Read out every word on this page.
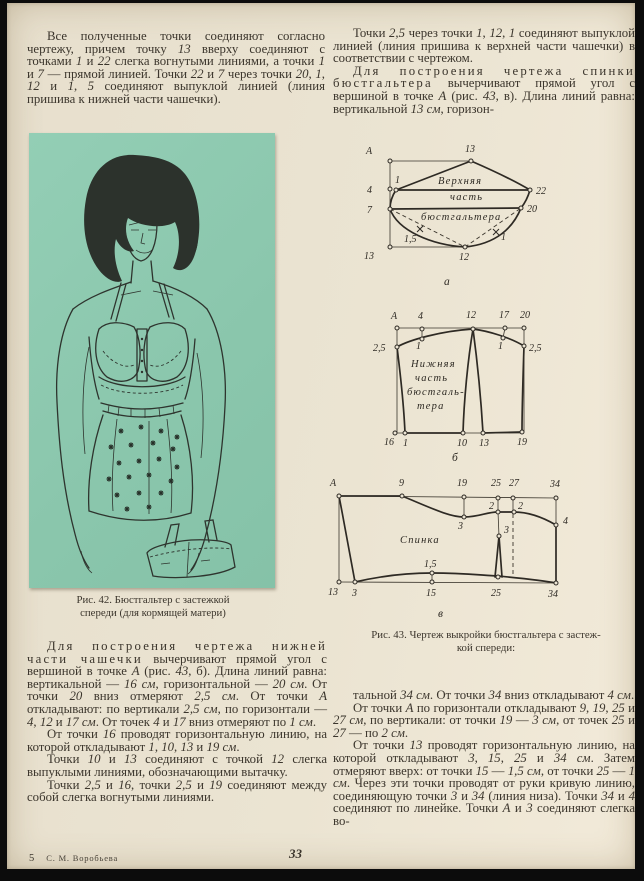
Все полученные точки соединяют согласно чертежу, причем точку 13 вверху соединяют с точками 1 и 22 слегка вогнутыми линиями, а точки 1 и 7 — прямой линией. Точки 22 и 7 через точки 20, 1, 12 и 1, 5 соединяют выпуклой линией (линия пришива к нижней части чашечки).

Рис. 42. Бюстгальтер с застежкой
спереди (для кормящей матери)

Для построения чертежа нижней части чашечки вычерчивают прямой угол с вершиной в точке А (рис. 43, б). Длина линий равна: вертикальной — 16 см, горизонтальной — 20 см. От точки 20 вниз отмеряют 2,5 см. От точки А откладывают: по вертикали 2,5 см, по горизонтали — 4, 12 и 17 см. От точек 4 и 17 вниз отмеряют по 1 см.

От точки 16 проводят горизонтальную линию, на которой откладывают 1, 10, 13 и 19 см.

Точки 10 и 13 соединяют с точкой 12 слегка выпуклыми линиями, обозначающими вытачку.

Точки 2,5 и 16, точки 2,5 и 19 соединяют между собой слегка вогнутыми линиями.

5 С. М. Воробьева	33

Точки 2,5 через точки 1, 12, 1 соединяют выпуклой линией (линия пришива к верхней части чашечки) в соответствии с чертежом.

Для построения чертежа спинки бюстгальтера вычерчивают прямой угол с вершиной в точке А (рис. 43, в). Длина линий равна: вертикальной 13 см, горизон-

Верхняя
часть
бюстгальтера
а
А	13
4
1
22
7	20
13	12
1,5	1
Нижняя
часть
бюстгаль-
тера
б
А 4	12 17 20
2,5	2,5
1	1
16 1	10 13	19
Спинка
в
А	9	19 25 27	34
2 2
3	4
3
13 3
1,5
15	25	34
Рис. 43. Чертеж выкройки бюстгальтера с застеж-
кой спереди:

тальной 34 см. От точки 34 вниз откладывают 4 см.

От точки А по горизонтали откладывают 9, 19, 25 и 27 см, по вертикали: от точки 19 — 3 см, от точек 25 и 27 — по 2 см.

От точки 13 проводят горизонтальную линию, на которой откладывают 3, 15, 25 и 34 см. Затем отмеряют вверх: от точки 15 — 1,5 см, от точки 25 — 1 см. Через эти точки проводят от руки кривую линию, соединяющую точки 3 и 34 (линия низа). Точки 34 и 4 соединяют по линейке. Точки А и 3 соединяют слегка во-
